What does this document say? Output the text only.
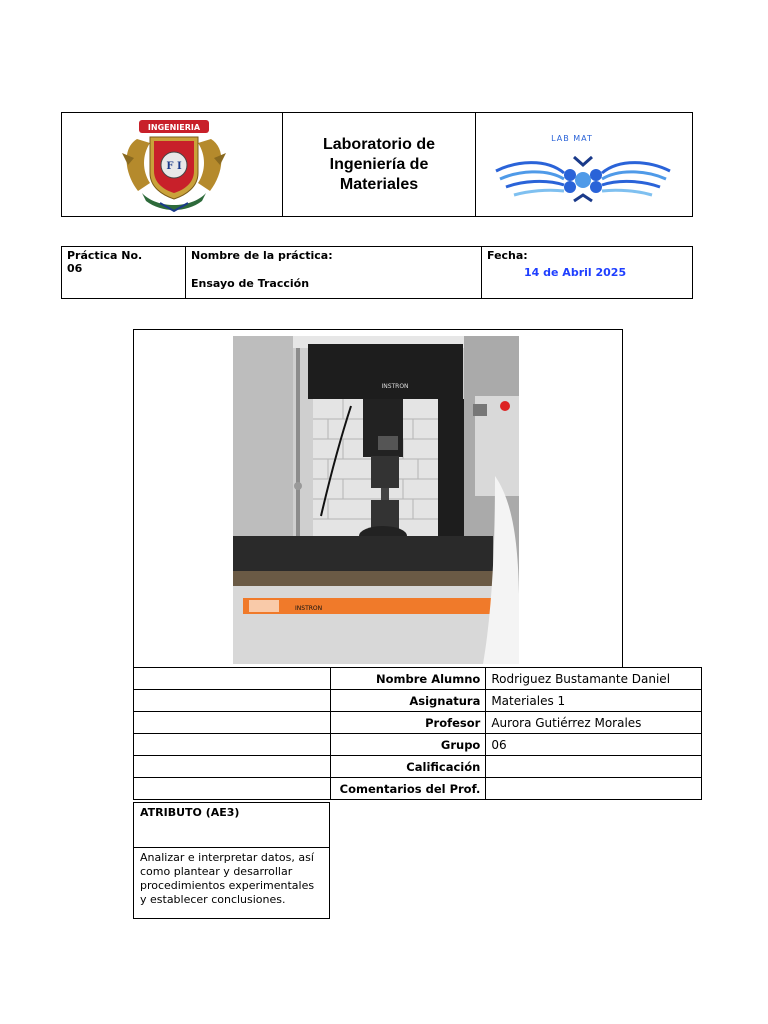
INGENIERIA
F I
Laboratorio de Ingeniería de Materiales
LAB MAT
Práctica No.
06
Nombre de la práctica:
Ensayo de Tracción
Fecha:
14 de Abril 2025
INSTRON
INSTRON
	Nombre Alumno	Rodriguez Bustamante Daniel
	Asignatura	Materiales 1
	Profesor	Aurora Gutiérrez Morales
	Grupo	06
	Calificación	
	Comentarios del Prof.	
ATRIBUTO (AE3)
Analizar e interpretar datos, así como plantear y desarrollar procedimientos experimentales y establecer conclusiones.
